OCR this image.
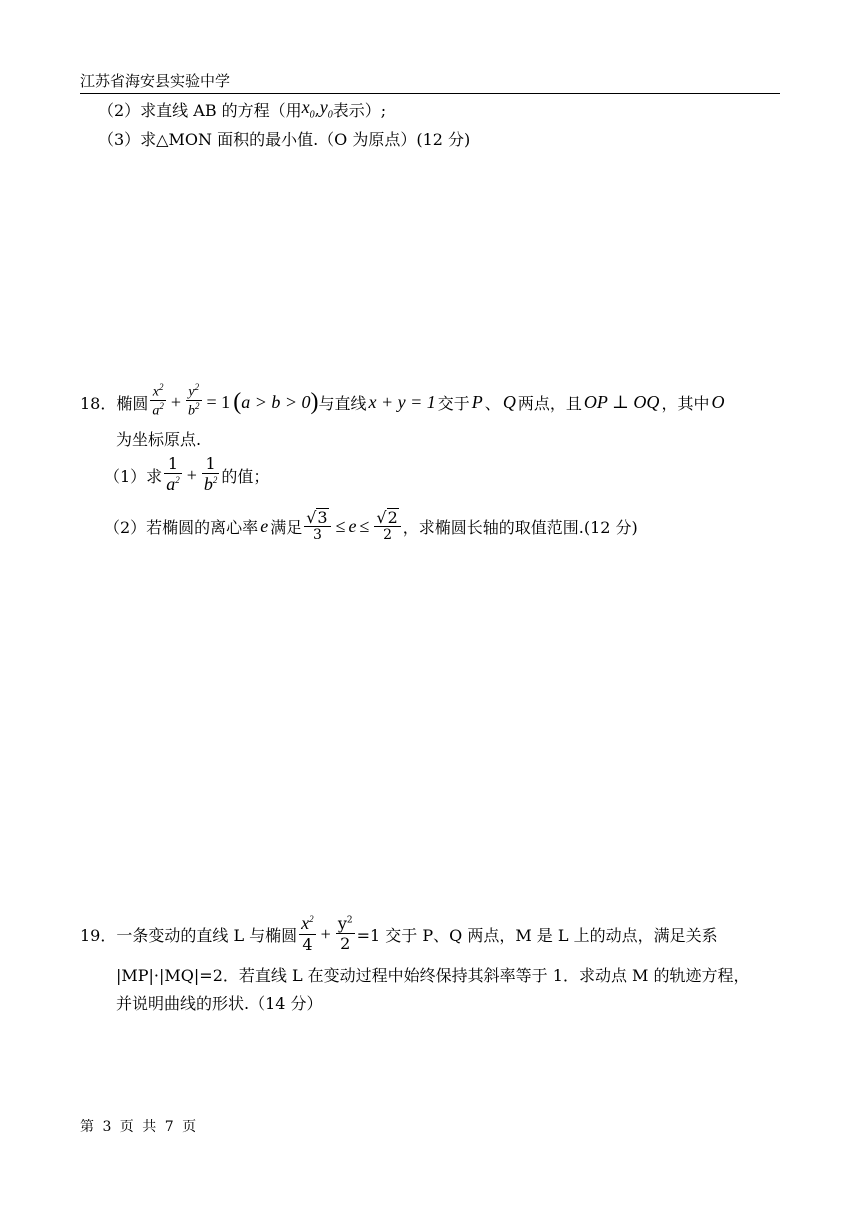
江苏省海安县实验中学
（2）求直线 AB 的方程（用 $x_0$ , $y_0$ 表示）;
（3）求△MON 面积的最小值.（O 为原点）(12 分)
18．椭圆 $\frac{x^2}{a^2} + \frac{y^2}{b^2} = 1$ ( a > b > 0 ) 与直线 x + y = 1 交于 P 、 Q 两点，且 OP ⊥ OQ ，其中 O
为坐标原点.
（1）求 $\frac{1}{a^2} + \frac{1}{b^2}$ 的值；
（2）若椭圆的离心率 e 满足 $\frac{√ 3}{3} \le e \le \frac{√ 2}{2}$ ，求椭圆长轴的取值范围.(12 分)
19．一条变动的直线 L 与椭圆 $\frac{x^2}{4} + \frac{y^2}{2} =1$ 交于 P、Q 两点，M 是 L 上的动点，满足关系
|MP|·|MQ|=2．若直线 L 在变动过程中始终保持其斜率等于 1．求动点 M 的轨迹方程，
并说明曲线的形状.（14 分）
第 3 页 共 7 页
